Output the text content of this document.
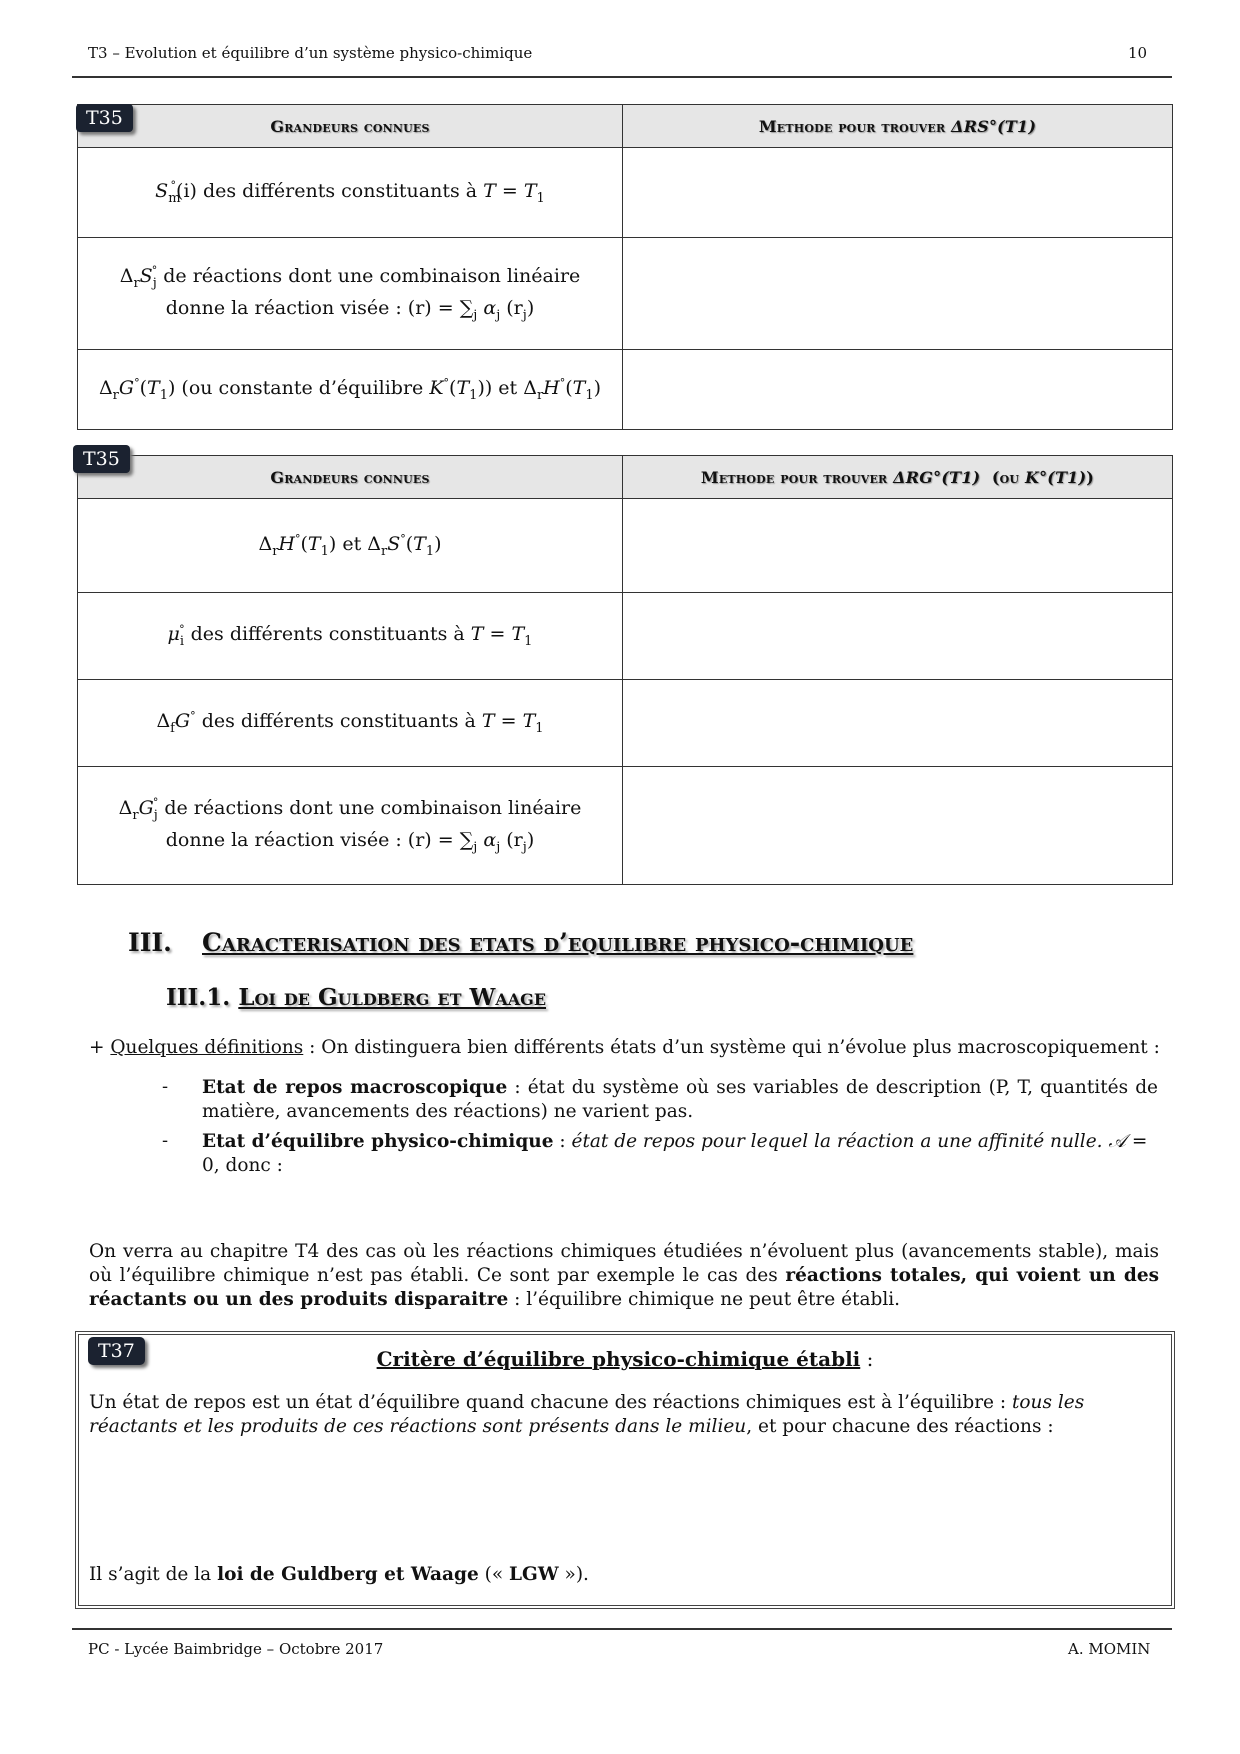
T3 – Evolution et équilibre d’un système physico-chimique	10
Grandeurs connues	Methode pour trouver ΔRS°(T1)
$S_m^\circ(i)$ des différents constituants à $T = T_1$	
$\Delta_rS_j^\circ$ de réactions dont une combinaison linéaire donne la réaction visée : $(r) = \sum_j$ $\alpha_j$ $(r_j)$	
$\Delta_rG^\circ(T_1)$ (ou constante d’équilibre $K^\circ(T_1)$) et $\Delta_rH^\circ(T_1)$	
T35
Grandeurs connues	Methode pour trouver ΔRG°(T1)  (ou K°(T1))
$\Delta_rH^\circ(T_1)$ et $\Delta_rS^\circ(T_1)$	
$\mu_i^\circ$ des différents constituants à $T = T_1$	
$\Delta_fG^\circ$ des différents constituants à $T = T_1$	
$\Delta_rG_j^\circ$ de réactions dont une combinaison linéaire donne la réaction visée : $(r) = \sum_j$ $\alpha_j$ $(r_j)$	
T35
III. Caracterisation des etats d’equilibre physico-chimique
III.1. Loi de Guldberg et Waage
+ Quelques définitions : On distinguera bien différents états d’un système qui n’évolue plus macroscopiquement :
- Etat de repos macroscopique : état du système où ses variables de description (P, T, quantités de matière, avancements des réactions) ne varient pas.
- Etat d’équilibre physico-chimique : état de repos pour lequel la réaction a une affinité nulle. 𝒜 = 0, donc :
On verra au chapitre T4 des cas où les réactions chimiques étudiées n’évoluent plus (avancements stable), mais où l’équilibre chimique n’est pas établi. Ce sont par exemple le cas des réactions totales, qui voient un des réactants ou un des produits disparaitre : l’équilibre chimique ne peut être établi.
Critère d’équilibre physico-chimique établi :
Un état de repos est un état d’équilibre quand chacune des réactions chimiques est à l’équilibre : tous les réactants et les produits de ces réactions sont présents dans le milieu, et pour chacune des réactions :
Il s’agit de la loi de Guldberg et Waage (« LGW »).
T37
PC - Lycée Baimbridge – Octobre 2017	A. MOMIN
